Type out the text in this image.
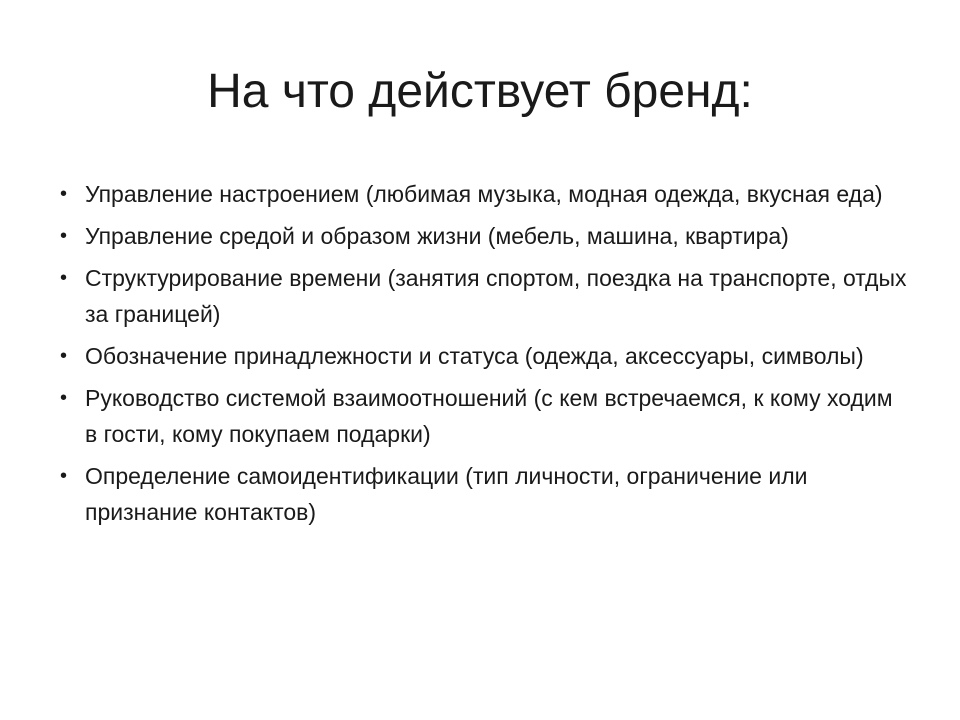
На что действует бренд:
• Управление настроением (любимая музыка, модная одежда, вкусная еда)
• Управление средой и образом жизни (мебель, машина, квартира)
• Структурирование времени (занятия спортом, поездка на транспорте, отдых за границей)
• Обозначение принадлежности и статуса (одежда, аксессуары, символы)
• Руководство системой взаимоотношений (с кем встречаемся, к кому ходим в гости, кому покупаем подарки)
• Определение самоидентификации (тип личности, ограничение или признание контактов)
